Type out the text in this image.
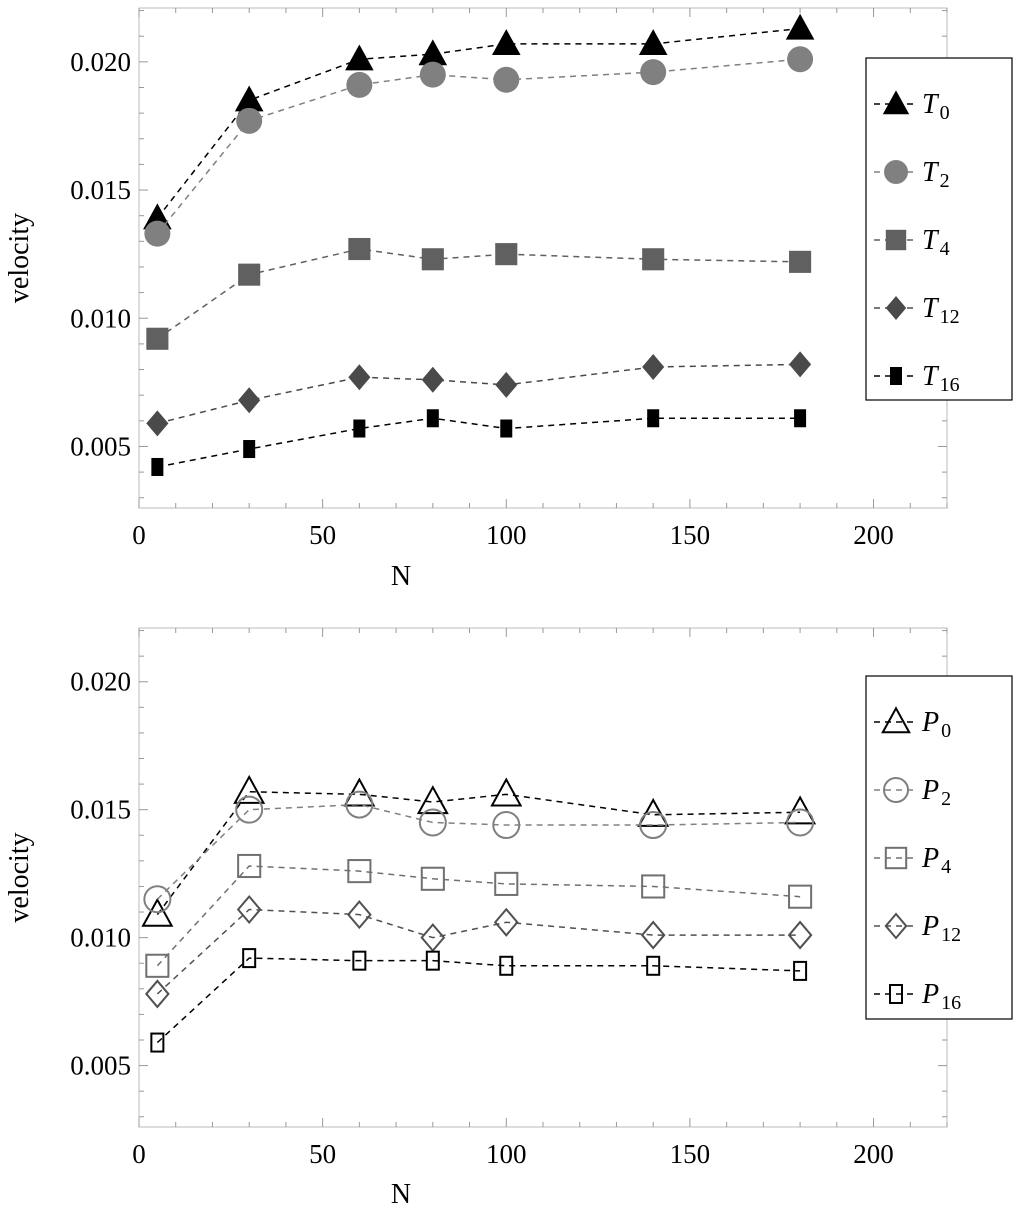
0	50	100	150	200
0.005
0.010
0.015
0.020
N
velocity
T $_0$
T $_2$
T $_4$
T $_{12}$
T $_{16}$
0	50	100	150	200
0.005
0.010
0.015
0.020
N
velocity
P $_0$
P $_2$
P $_4$
P $_{12}$
P $_{16}$
